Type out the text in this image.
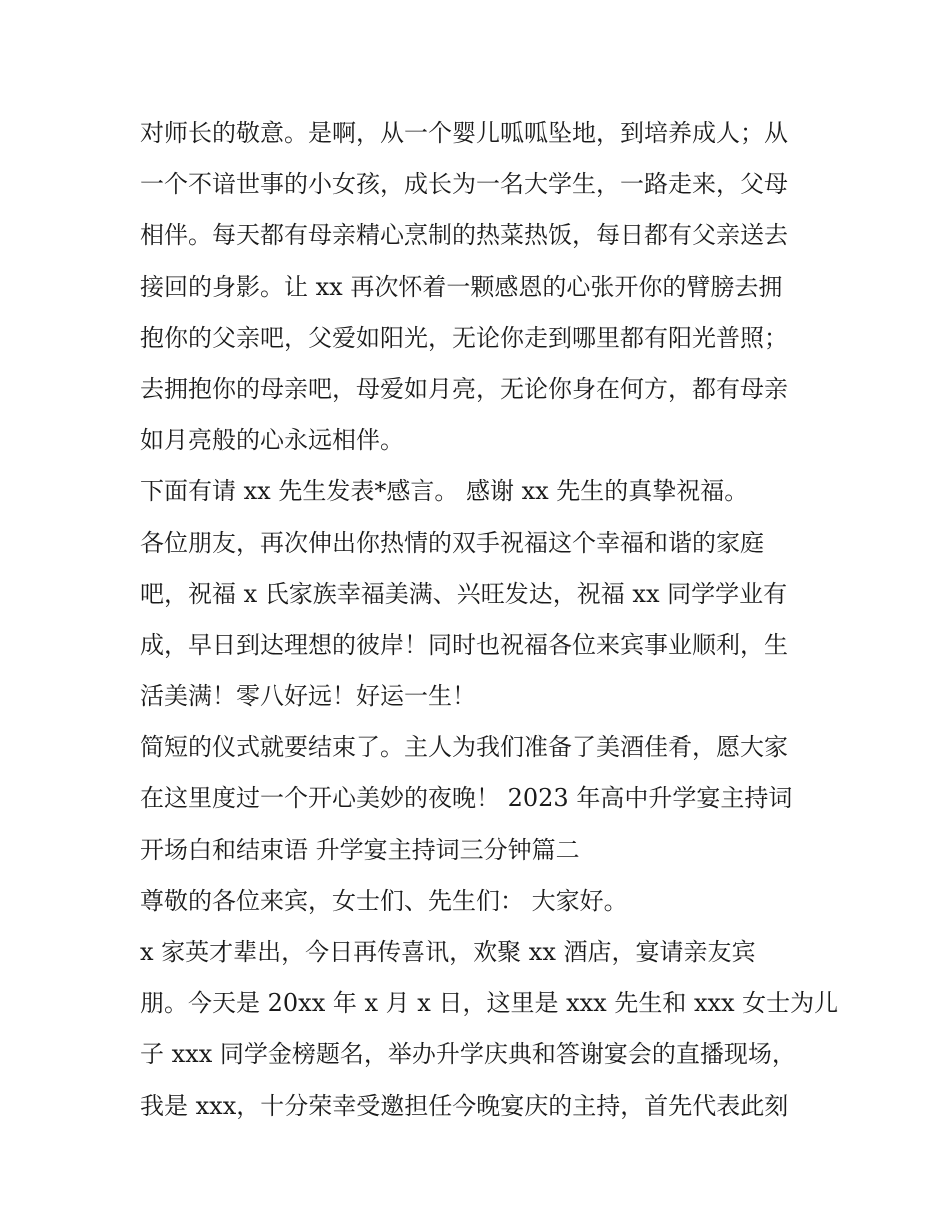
对师长的敬意。是啊，从一个婴儿呱呱坠地，到培养成人；从
一个不谙世事的小女孩，成长为一名大学生，一路走来，父母
相伴。每天都有母亲精心烹制的热菜热饭，每日都有父亲送去
接回的身影。让 xx 再次怀着一颗感恩的心张开你的臂膀去拥
抱你的父亲吧，父爱如阳光，无论你走到哪里都有阳光普照；
去拥抱你的母亲吧，母爱如月亮，无论你身在何方，都有母亲
如月亮般的心永远相伴。
下面有请 xx 先生发表*感言。 感谢 xx 先生的真挚祝福。
各位朋友，再次伸出你热情的双手祝福这个幸福和谐的家庭
吧，祝福 x 氏家族幸福美满、兴旺发达，祝福 xx 同学学业有
成，早日到达理想的彼岸！同时也祝福各位来宾事业顺利，生
活美满！零八好远！好运一生！
简短的仪式就要结束了。主人为我们准备了美酒佳肴，愿大家
在这里度过一个开心美妙的夜晚！ 2023 年高中升学宴主持词
开场白和结束语 升学宴主持词三分钟篇二
尊敬的各位来宾，女士们、先生们： 大家好。
x 家英才辈出，今日再传喜讯，欢聚 xx 酒店，宴请亲友宾
朋。今天是 20xx 年 x 月 x 日，这里是 xxx 先生和 xxx 女士为儿
子 xxx 同学金榜题名，举办升学庆典和答谢宴会的直播现场，
我是 xxx，十分荣幸受邀担任今晚宴庆的主持，首先代表此刻
